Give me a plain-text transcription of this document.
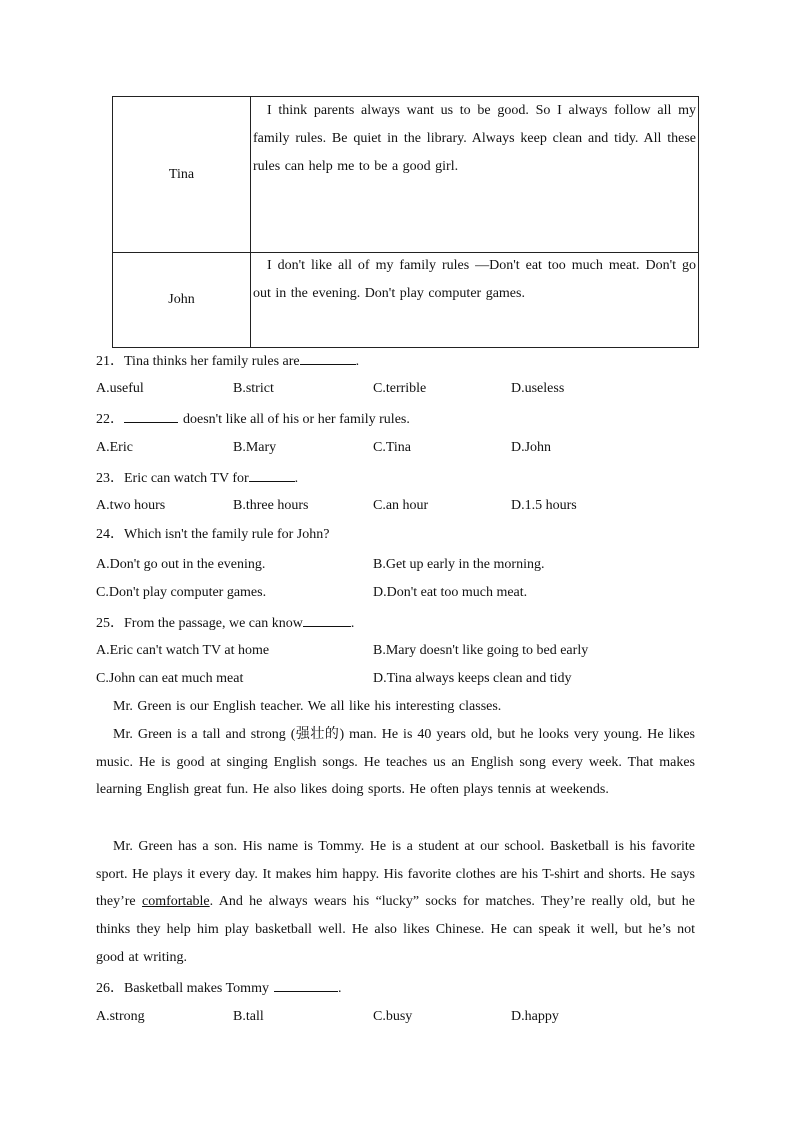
Tina
I think parents always want us to be good. So I always follow all my family rules. Be quiet in the library. Always keep clean and tidy. All these rules can help me to be a good girl.
John
I don't like all of my family rules —Don't eat too much meat. Don't go out in the evening. Don't play computer games.
21．Tina thinks her family rules are	.
A.useful	B.strict	C.terrible	D.useless
22．	doesn't like all of his or her family rules.
A.Eric	B.Mary	C.Tina	D.John
23．Eric can watch TV for	.
A.two hours	B.three hours	C.an hour	D.1.5 hours
24．Which isn't the family rule for John?
A.Don't go out in the evening.	B.Get up early in the morning.
C.Don't play computer games.	D.Don't eat too much meat.
25．From the passage, we can know	.
A.Eric can't watch TV at home	B.Mary doesn't like going to bed early
C.John can eat much meat	D.Tina always keeps clean and tidy
Mr. Green is our English teacher. We all like his interesting classes.
Mr. Green is a tall and strong (强壮的) man. He is 40 years old, but he looks very young. He likes music. He is good at singing English songs. He teaches us an English song every week. That makes learning English great fun. He also likes doing sports. He often plays tennis at weekends.
Mr. Green has a son. His name is Tommy. He is a student at our school. Basketball is his favorite sport. He plays it every day. It makes him happy. His favorite clothes are his T-shirt and shorts. He says they’re comfortable. And he always wears his “lucky” socks for matches. They’re really old, but he thinks they help him play basketball well. He also likes Chinese. He can speak it well, but he’s not good at writing.
26．Basketball makes Tommy	.
A.strong	B.tall	C.busy	D.happy
